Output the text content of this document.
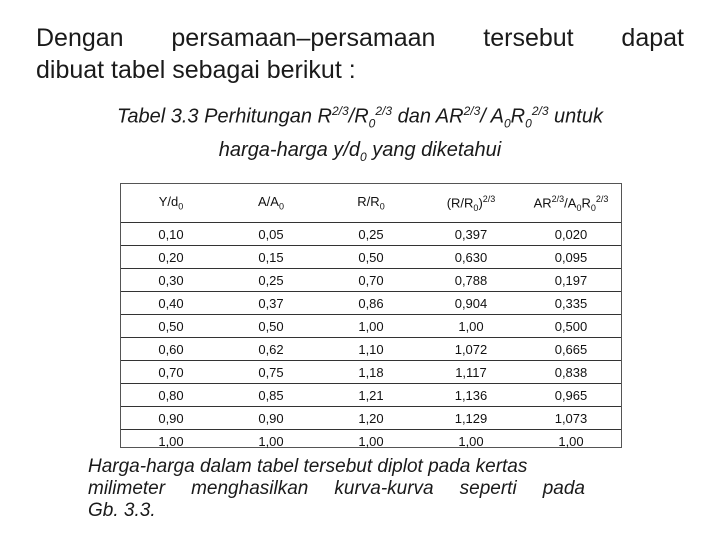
Dengan persamaan–persamaan tersebut dapat
dibuat tabel sebagai berikut :
Tabel 3.3 Perhitungan $R^{2/3}/R_0^{2/3}$ dan $AR^{2/3}/$ $A_0R_0^{2/3}$ untuk
harga-harga $y/d_0$ yang diketahui
$Y/d_0$	$A/A_0$	$R/R_0$	$(R/R_0)^{2/3}$	$AR^{2/3}/A_0R_0^{2/3}$
0,10	0,05	0,25	0,397	0,020
0,20	0,15	0,50	0,630	0,095
0,30	0,25	0,70	0,788	0,197
0,40	0,37	0,86	0,904	0,335
0,50	0,50	1,00	1,00	0,500
0,60	0,62	1,10	1,072	0,665
0,70	0,75	1,18	1,117	0,838
0,80	0,85	1,21	1,136	0,965
0,90	0,90	1,20	1,129	1,073
1,00	1,00	1,00	1,00	1,00
Harga-harga dalam tabel tersebut diplot pada kertas
milimeter menghasilkan kurva-kurva seperti pada
Gb. 3.3.
